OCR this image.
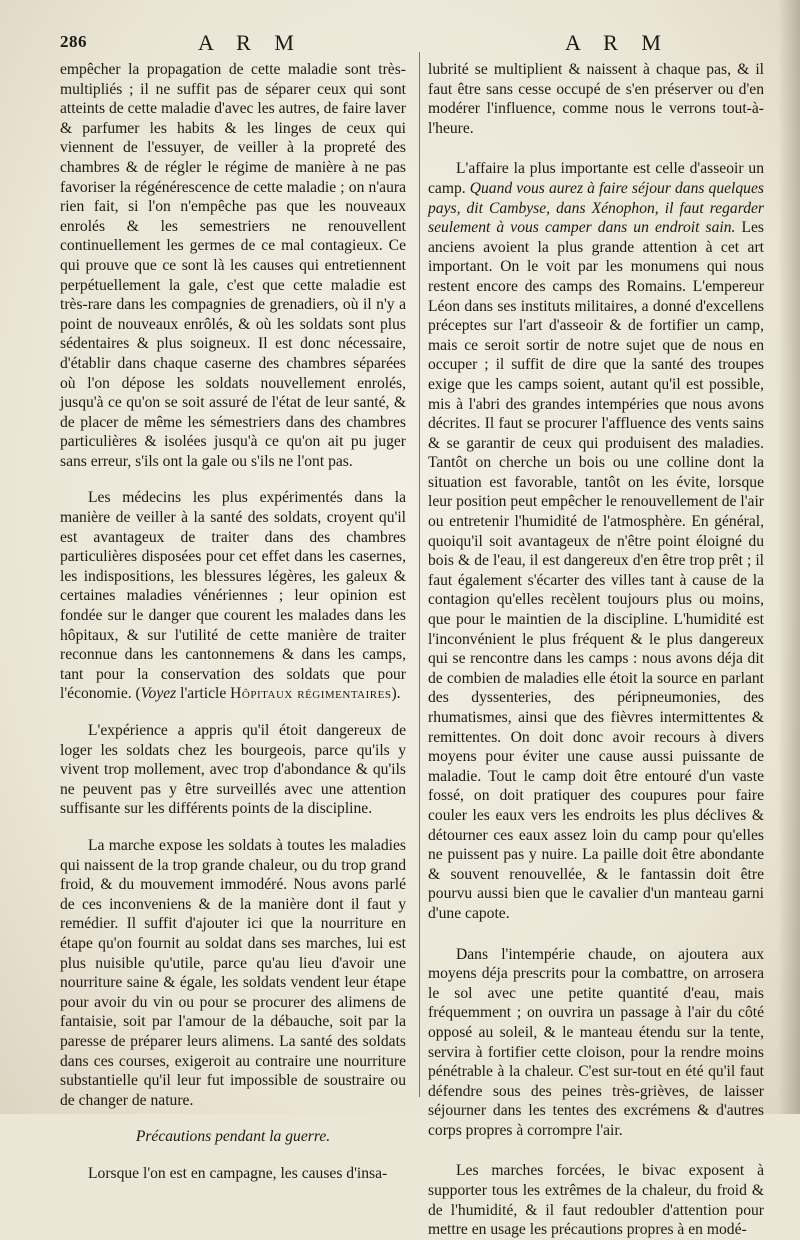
286	A R M	A R M

empêcher la propagation de cette maladie sont très-multipliés ; il ne suffit pas de séparer ceux qui sont atteints de cette maladie d'avec les autres, de faire laver & parfumer les habits & les linges de ceux qui viennent de l'essuyer, de veiller à la propreté des chambres & de régler le régime de manière à ne pas favoriser la régénérescence de cette maladie ; on n'aura rien fait, si l'on n'empêche pas que les nouveaux enrolés & les semestriers ne renouvellent continuellement les germes de ce mal contagieux. Ce qui prouve que ce sont là les causes qui entretiennent perpétuellement la gale, c'est que cette maladie est très-rare dans les compagnies de grenadiers, où il n'y a point de nouveaux enrôlés, & où les soldats sont plus sédentaires & plus soigneux. Il est donc nécessaire, d'établir dans chaque caserne des chambres séparées où l'on dépose les soldats nouvellement enrolés, jusqu'à ce qu'on se soit assuré de l'état de leur santé, & de placer de même les sémestriers dans des chambres particulières & isolées jusqu'à ce qu'on ait pu juger sans erreur, s'ils ont la gale ou s'ils ne l'ont pas.

Les médecins les plus expérimentés dans la manière de veiller à la santé des soldats, croyent qu'il est avantageux de traiter dans des chambres particulières disposées pour cet effet dans les casernes, les indispositions, les blessures légères, les galeux & certaines maladies vénériennes ; leur opinion est fondée sur le danger que courent les malades dans les hôpitaux, & sur l'utilité de cette manière de traiter reconnue dans les cantonnemens & dans les camps, tant pour la conservation des soldats que pour l'économie. (Voyez l'article Hôpitaux régimentaires).

L'expérience a appris qu'il étoit dangereux de loger les soldats chez les bourgeois, parce qu'ils y vivent trop mollement, avec trop d'abondance & qu'ils ne peuvent pas y être surveillés avec une attention suffisante sur les différents points de la discipline.

La marche expose les soldats à toutes les maladies qui naissent de la trop grande chaleur, ou du trop grand froid, & du mouvement immodéré. Nous avons parlé de ces inconveniens & de la manière dont il faut y remédier. Il suffit d'ajouter ici que la nourriture en étape qu'on fournit au soldat dans ses marches, lui est plus nuisible qu'utile, parce qu'au lieu d'avoir une nourriture saine & égale, les soldats vendent leur étape pour avoir du vin ou pour se procurer des alimens de fantaisie, soit par l'amour de la débauche, soit par la paresse de préparer leurs alimens. La santé des soldats dans ces courses, exigeroit au contraire une nourriture substantielle qu'il leur fut impossible de soustraire ou de changer de nature.

Précautions pendant la guerre.

Lorsque l'on est en campagne, les causes d'insa-

lubrité se multiplient & naissent à chaque pas, & il faut être sans cesse occupé de s'en préserver ou d'en modérer l'influence, comme nous le verrons tout-à-l'heure.

L'affaire la plus importante est celle d'asseoir un camp. Quand vous aurez à faire séjour dans quelques pays, dit Cambyse, dans Xénophon, il faut regarder seulement à vous camper dans un endroit sain. Les anciens avoient la plus grande attention à cet art important. On le voit par les monumens qui nous restent encore des camps des Romains. L'empereur Léon dans ses instituts militaires, a donné d'excellens préceptes sur l'art d'asseoir & de fortifier un camp, mais ce seroit sortir de notre sujet que de nous en occuper ; il suffit de dire que la santé des troupes exige que les camps soient, autant qu'il est possible, mis à l'abri des grandes intempéries que nous avons décrites. Il faut se procurer l'affluence des vents sains & se garantir de ceux qui produisent des maladies. Tantôt on cherche un bois ou une colline dont la situation est favorable, tantôt on les évite, lorsque leur position peut empêcher le renouvellement de l'air ou entretenir l'humidité de l'atmosphère. En général, quoiqu'il soit avantageux de n'être point éloigné du bois & de l'eau, il est dangereux d'en être trop prêt ; il faut également s'écarter des villes tant à cause de la contagion qu'elles recèlent toujours plus ou moins, que pour le maintien de la discipline. L'humidité est l'inconvénient le plus fréquent & le plus dangereux qui se rencontre dans les camps : nous avons déja dit de combien de maladies elle étoit la source en parlant des dyssenteries, des péripneumonies, des rhumatismes, ainsi que des fièvres intermittentes & remittentes. On doit donc avoir recours à divers moyens pour éviter une cause aussi puissante de maladie. Tout le camp doit être entouré d'un vaste fossé, on doit pratiquer des coupures pour faire couler les eaux vers les endroits les plus déclives & détourner ces eaux assez loin du camp pour qu'elles ne puissent pas y nuire. La paille doit être abondante & souvent renouvellée, & le fantassin doit être pourvu aussi bien que le cavalier d'un manteau garni d'une capote.

Dans l'intempérie chaude, on ajoutera aux moyens déja prescrits pour la combattre, on arrosera le sol avec une petite quantité d'eau, mais fréquemment ; on ouvrira un passage à l'air du côté opposé au soleil, & le manteau étendu sur la tente, servira à fortifier cette cloison, pour la rendre moins pénétrable à la chaleur. C'est sur-tout en été qu'il faut défendre sous des peines très-grièves, de laisser séjourner dans les tentes des excrémens & d'autres corps propres à corrompre l'air.

Les marches forcées, le bivac exposent à supporter tous les extrêmes de la chaleur, du froid & de l'humidité, & il faut redoubler d'attention pour mettre en usage les précautions propres à en modé-
